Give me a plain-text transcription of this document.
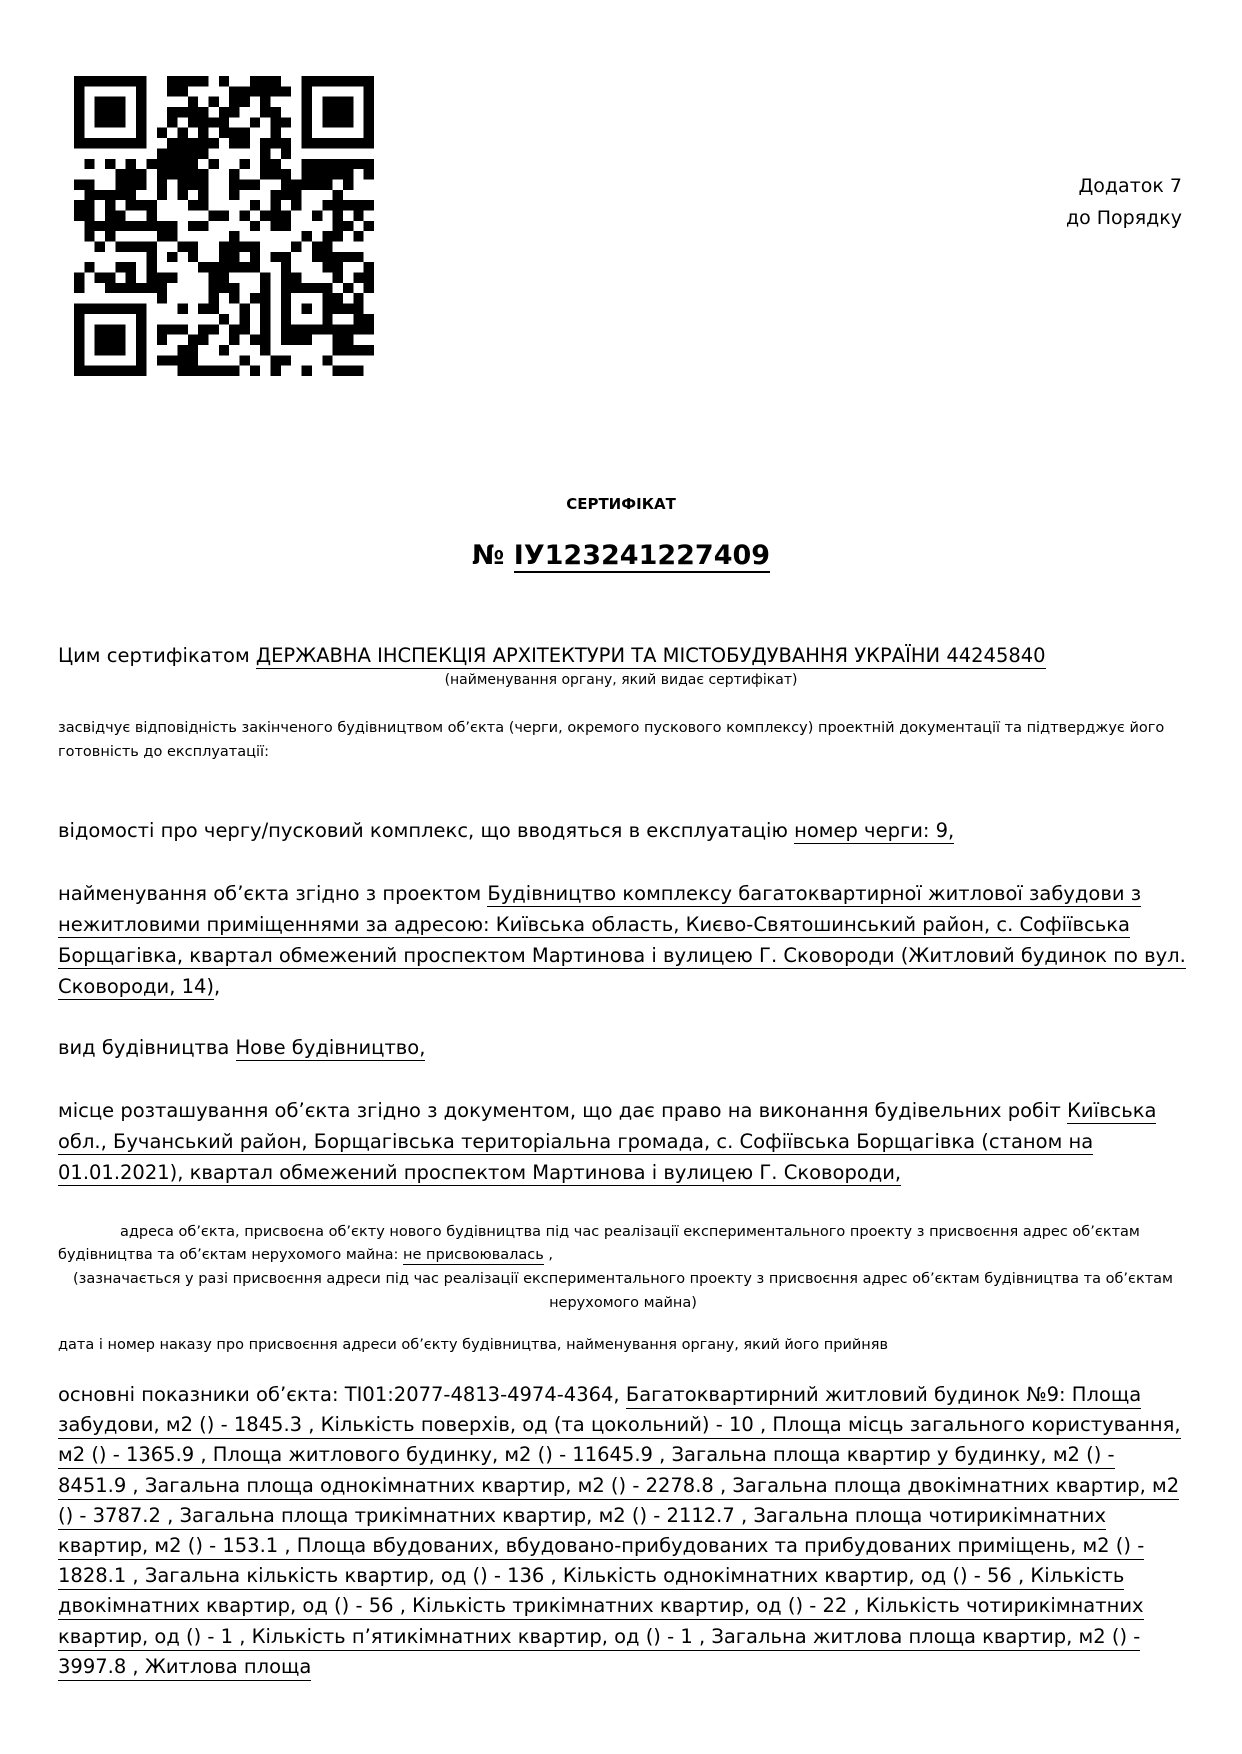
Додаток 7
до Порядку
СЕРТИФІКАТ
№ ІУ123241227409
Цим сертифікатом ДЕРЖАВНА ІНСПЕКЦІЯ АРХІТЕКТУРИ ТА МІСТОБУДУВАННЯ УКРАЇНИ 44245840
(найменування органу, який видає сертифікат)
засвідчує відповідність закінченого будівництвом об’єкта (черги, окремого пускового комплексу) проектній документації та підтверджує його готовність до експлуатації:
відомості про чергу/пусковий комплекс, що вводяться в експлуатацію номер черги: 9,
найменування об’єкта згідно з проектом Будівництво комплексу багатоквартирної житлової забудови з нежитловими приміщеннями за адресою: Київська область, Києво-Святошинський район, с. Софіївська Борщагівка, квартал обмежений проспектом Мартинова і вулицею Г. Сковороди (Житловий будинок по вул. Сковороди, 14),
вид будівництва Нове будівництво,
місце розташування об’єкта згідно з документом, що дає право на виконання будівельних робіт Київська обл., Бучанський район, Борщагівська територіальна громада, с. Софіївська Борщагівка (станом на 01.01.2021), квартал обмежений проспектом Мартинова і вулицею Г. Сковороди,
адреса об’єкта, присвоєна об’єкту нового будівництва під час реалізації експериментального проекту з присвоєння адрес об’єктам будівництва та об’єктам нерухомого майна: не присвоювалась ,
(зазначається у разі присвоєння адреси під час реалізації експериментального проекту з присвоєння адрес об’єктам будівництва та об’єктам нерухомого майна)
дата і номер наказу про присвоєння адреси об’єкту будівництва, найменування органу, який його прийняв
основні показники об’єкта: ТІ01:2077-4813-4974-4364, Багатоквартирний житловий будинок №9: Площа забудови, м2 () - 1845.3 , Кількість поверхів, од (та цокольний) - 10 , Площа місць загального користування, м2 () - 1365.9 , Площа житлового будинку, м2 () - 11645.9 , Загальна площа квартир у будинку, м2 () - 8451.9 , Загальна площа однокімнатних квартир, м2 () - 2278.8 , Загальна площа двокімнатних квартир, м2 () - 3787.2 , Загальна площа трикімнатних квартир, м2 () - 2112.7 , Загальна площа чотирикімнатних квартир, м2 () - 153.1 , Площа вбудованих, вбудовано-прибудованих та прибудованих приміщень, м2 () - 1828.1 , Загальна кількість квартир, од () - 136 , Кількість однокімнатних квартир, од () - 56 , Кількість двокімнатних квартир, од () - 56 , Кількість трикімнатних квартир, од () - 22 , Кількість чотирикімнатних квартир, од () - 1 , Кількість п’ятикімнатних квартир, од () - 1 , Загальна житлова площа квартир, м2 () - 3997.8 , Житлова площа
